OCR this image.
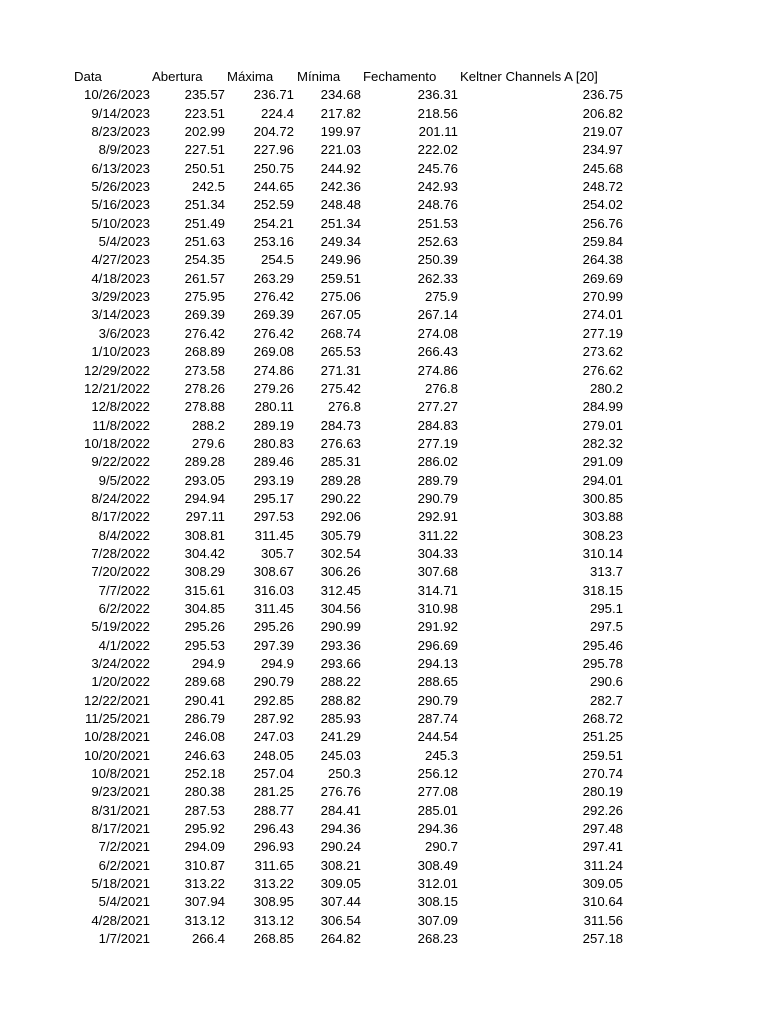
Data	Abertura Máxima Mínima Fechamento Keltner Channels A [20]
10/26/2023	235.57 236.71 234.68	236.31	236.75
9/14/2023	223.51	224.4 217.82	218.56	206.82
8/23/2023	202.99 204.72 199.97	201.11	219.07
8/9/2023	227.51 227.96 221.03	222.02	234.97
6/13/2023	250.51 250.75 244.92	245.76	245.68
5/26/2023	242.5 244.65 242.36	242.93	248.72
5/16/2023	251.34 252.59 248.48	248.76	254.02
5/10/2023	251.49 254.21 251.34	251.53	256.76
5/4/2023	251.63 253.16 249.34	252.63	259.84
4/27/2023	254.35	254.5 249.96	250.39	264.38
4/18/2023	261.57 263.29 259.51	262.33	269.69
3/29/2023	275.95 276.42 275.06	275.9	270.99
3/14/2023	269.39 269.39 267.05	267.14	274.01
3/6/2023	276.42 276.42 268.74	274.08	277.19
1/10/2023	268.89 269.08 265.53	266.43	273.62
12/29/2022	273.58 274.86 271.31	274.86	276.62
12/21/2022	278.26 279.26 275.42	276.8	280.2
12/8/2022	278.88 280.11	276.8	277.27	284.99
11/8/2022	288.2 289.19 284.73	284.83	279.01
10/18/2022	279.6 280.83 276.63	277.19	282.32
9/22/2022	289.28 289.46 285.31	286.02	291.09
9/5/2022	293.05 293.19 289.28	289.79	294.01
8/24/2022	294.94 295.17 290.22	290.79	300.85
8/17/2022	297.11 297.53 292.06	292.91	303.88
8/4/2022	308.81 311.45 305.79	311.22	308.23
7/28/2022	304.42	305.7 302.54	304.33	310.14
7/20/2022	308.29 308.67 306.26	307.68	313.7
7/7/2022	315.61 316.03 312.45	314.71	318.15
6/2/2022	304.85 311.45 304.56	310.98	295.1
5/19/2022	295.26 295.26 290.99	291.92	297.5
4/1/2022	295.53 297.39 293.36	296.69	295.46
3/24/2022	294.9	294.9 293.66	294.13	295.78
1/20/2022	289.68 290.79 288.22	288.65	290.6
12/22/2021	290.41 292.85 288.82	290.79	282.7
11/25/2021	286.79 287.92 285.93	287.74	268.72
10/28/2021	246.08 247.03 241.29	244.54	251.25
10/20/2021	246.63 248.05 245.03	245.3	259.51
10/8/2021	252.18 257.04	250.3	256.12	270.74
9/23/2021	280.38 281.25 276.76	277.08	280.19
8/31/2021	287.53 288.77 284.41	285.01	292.26
8/17/2021	295.92 296.43 294.36	294.36	297.48
7/2/2021	294.09 296.93 290.24	290.7	297.41
6/2/2021	310.87 311.65 308.21	308.49	311.24
5/18/2021	313.22 313.22 309.05	312.01	309.05
5/4/2021	307.94 308.95 307.44	308.15	310.64
4/28/2021	313.12 313.12 306.54	307.09	311.56
1/7/2021	266.4 268.85 264.82	268.23	257.18
